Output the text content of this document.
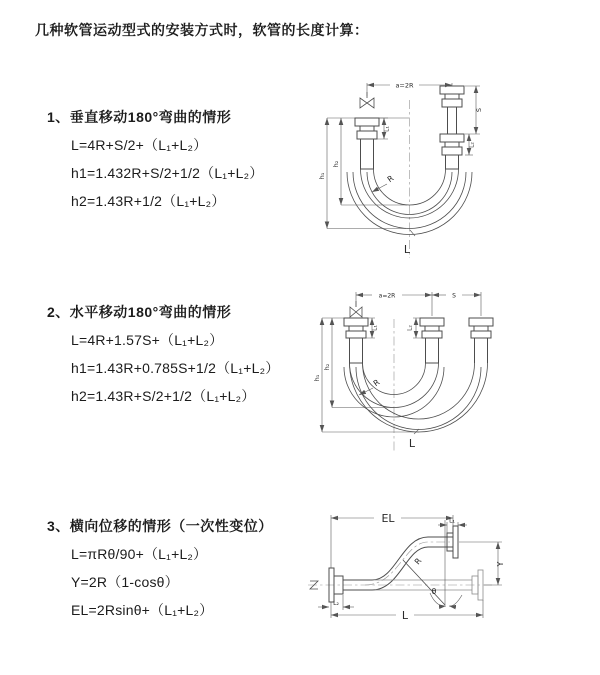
几种软管运动型式的安装方式时，软管的长度计算：
1、垂直移动180°弯曲的情形
L=4R+S/2+（L₁+L₂）
h1=1.432R+S/2+1/2（L₁+L₂）
h2=1.43R+1/2（L₁+L₂）
2、水平移动180°弯曲的情形
L=4R+1.57S+（L₁+L₂）
h1=1.43R+0.785S+1/2（L₁+L₂）
h2=1.43R+S/2+1/2（L₁+L₂）
3、横向位移的情形（一次性变位）
L=πRθ/90+（L₁+L₂）
Y=2R（1-cosθ）
EL=2Rsinθ+（L₁+L₂）
a=2R
S
L₂
L₁
h₁
h₂
R
L
a=2R	S
L₁	L₂
h₁
h₂
R
L
θ
EL	L₁
Y
R
L
L₂
